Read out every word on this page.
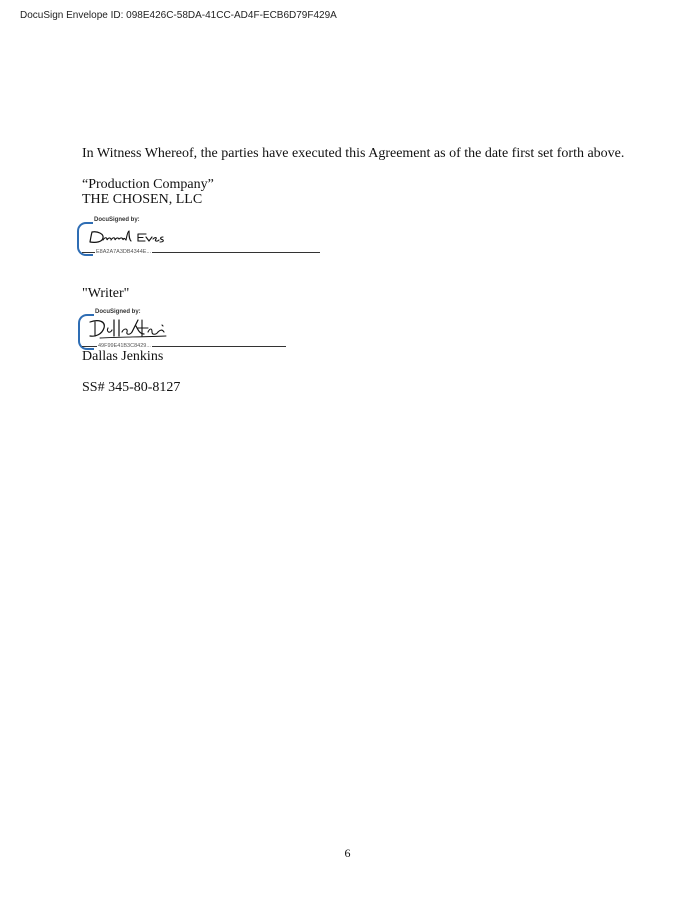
DocuSign Envelope ID: 098E426C-58DA-41CC-AD4F-ECB6D79F429A
In Witness Whereof, the parties have executed this Agreement as of the date first set forth above.
“Production Company”
THE CHOSEN, LLC
DocuSigned by:
E8A2A7A3DB4344E...
"Writer"
DocuSigned by:
49F99E41B3C8429...
Dallas Jenkins
SS# 345-80-8127
6
